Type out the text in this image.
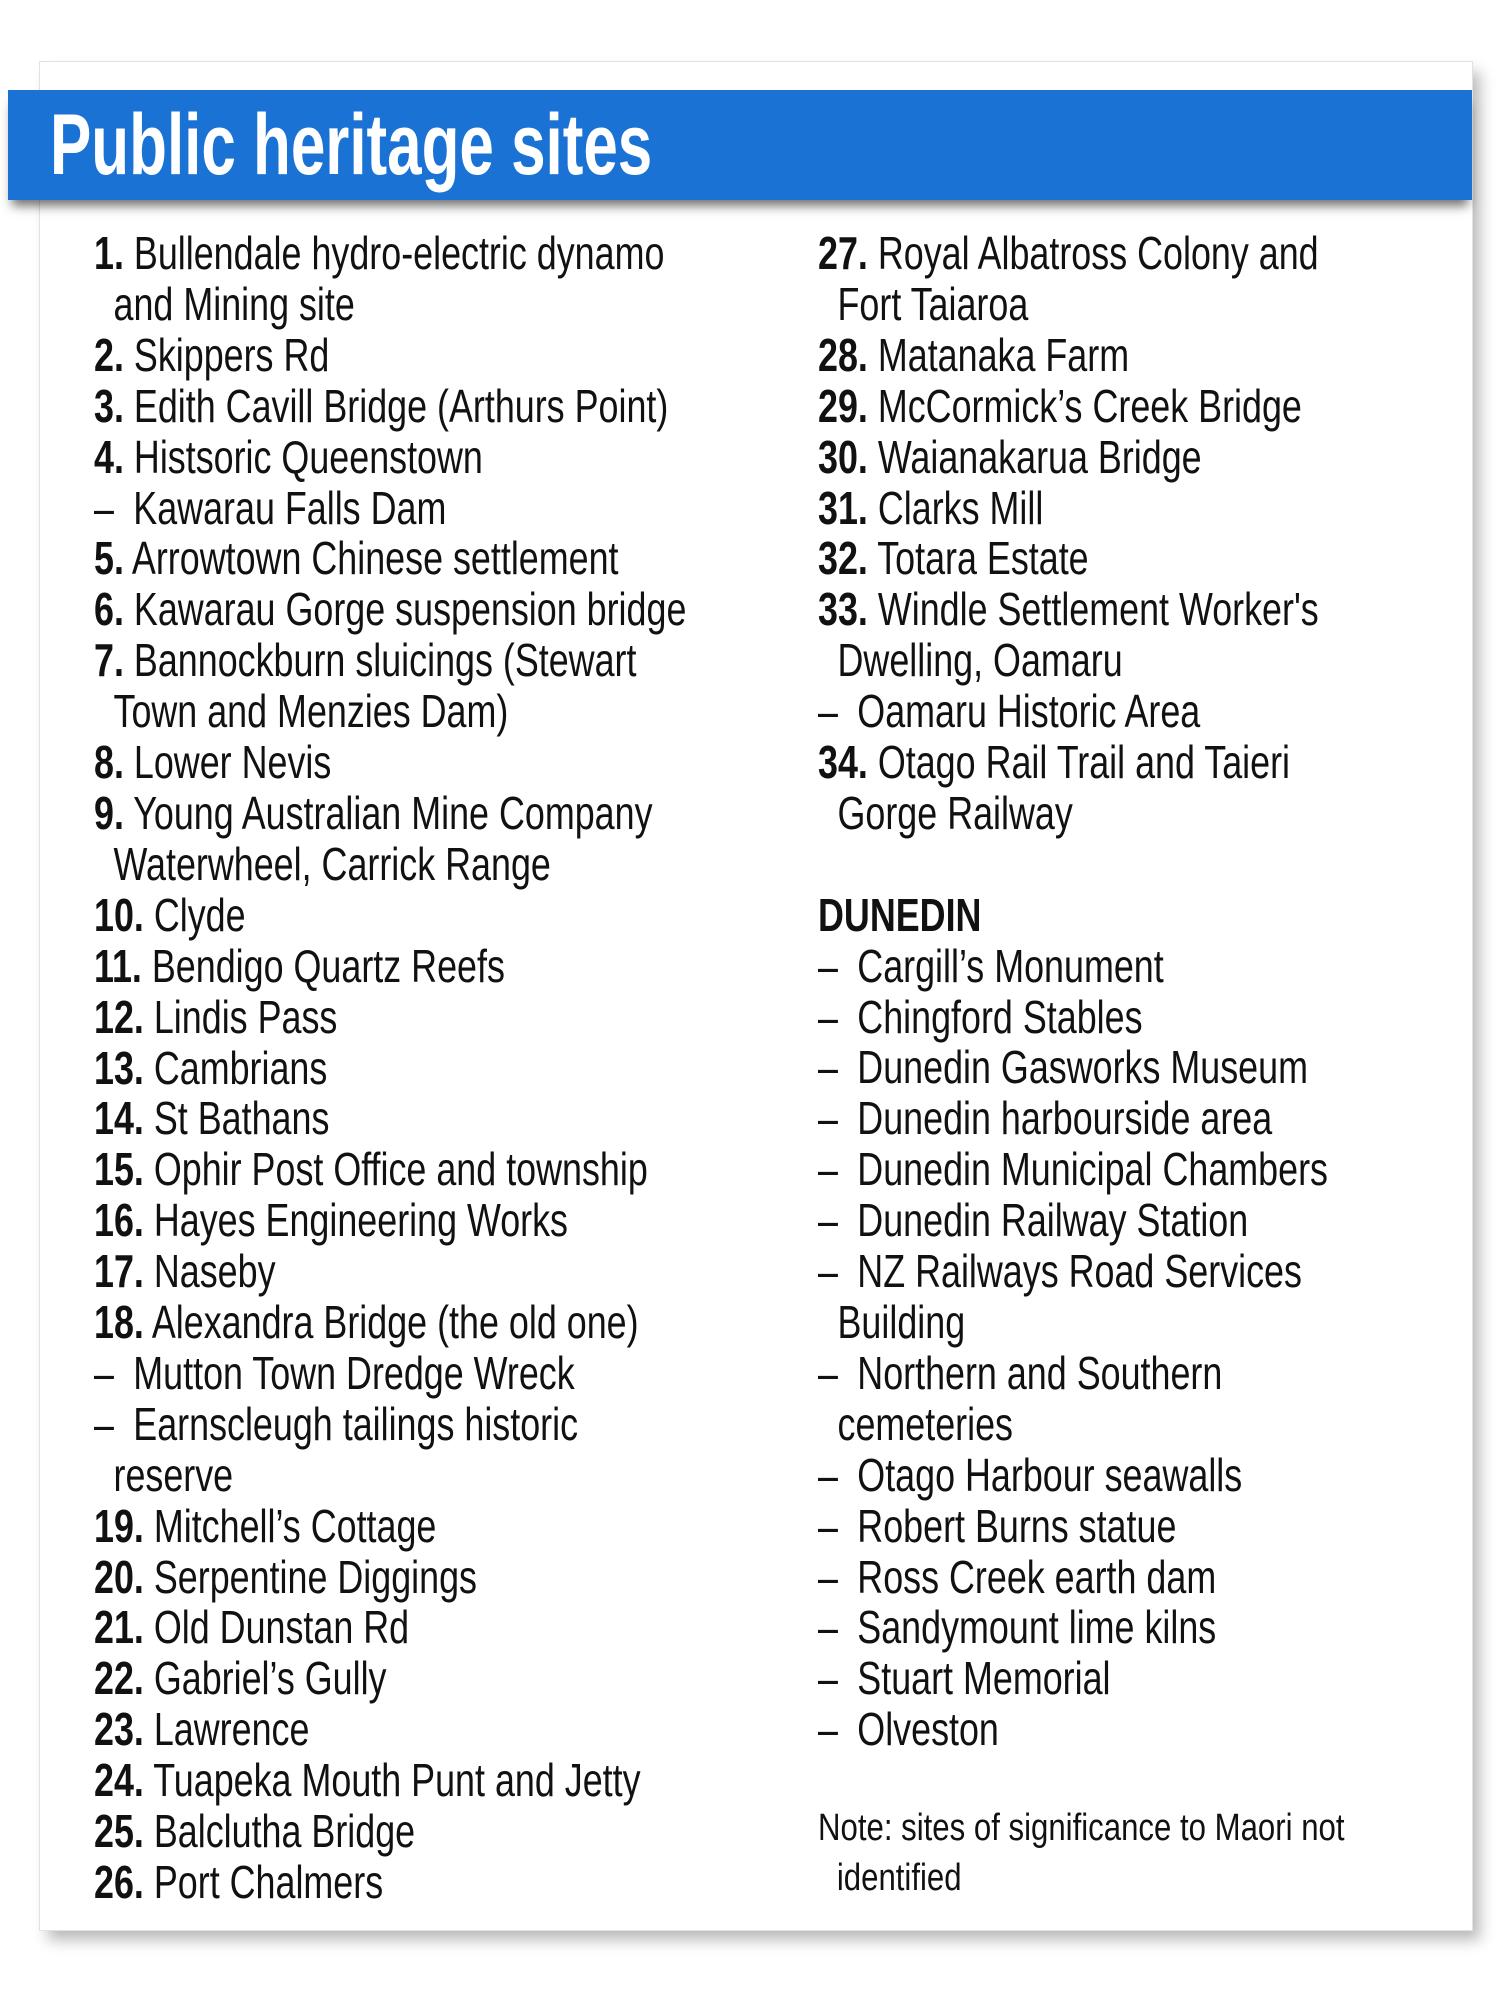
Public heritage sites
1. Bullendale hydro-electric dynamo
and Mining site
2. Skippers Rd
3. Edith Cavill Bridge (Arthurs Point)
4. Histsoric Queenstown
– Kawarau Falls Dam
5. Arrowtown Chinese settlement
6. Kawarau Gorge suspension bridge
7. Bannockburn sluicings (Stewart
Town and Menzies Dam)
8. Lower Nevis
9. Young Australian Mine Company
Waterwheel, Carrick Range
10. Clyde
11. Bendigo Quartz Reefs
12. Lindis Pass
13. Cambrians
14. St Bathans
15. Ophir Post Office and township
16. Hayes Engineering Works
17. Naseby
18. Alexandra Bridge (the old one)
– Mutton Town Dredge Wreck
– Earnscleugh tailings historic
reserve
19. Mitchell’s Cottage
20. Serpentine Diggings
21. Old Dunstan Rd
22. Gabriel’s Gully
23. Lawrence
24. Tuapeka Mouth Punt and Jetty
25. Balclutha Bridge
26. Port Chalmers
27. Royal Albatross Colony and
Fort Taiaroa
28. Matanaka Farm
29. McCormick’s Creek Bridge
30. Waianakarua Bridge
31. Clarks Mill
32. Totara Estate
33. Windle Settlement Worker's
Dwelling, Oamaru
– Oamaru Historic Area
34. Otago Rail Trail and Taieri
Gorge Railway
DUNEDIN
– Cargill’s Monument
– Chingford Stables
– Dunedin Gasworks Museum
– Dunedin harbourside area
– Dunedin Municipal Chambers
– Dunedin Railway Station
– NZ Railways Road Services
Building
– Northern and Southern
cemeteries
– Otago Harbour seawalls
– Robert Burns statue
– Ross Creek earth dam
– Sandymount lime kilns
– Stuart Memorial
– Olveston
Note: sites of significance to Maori not
identified
